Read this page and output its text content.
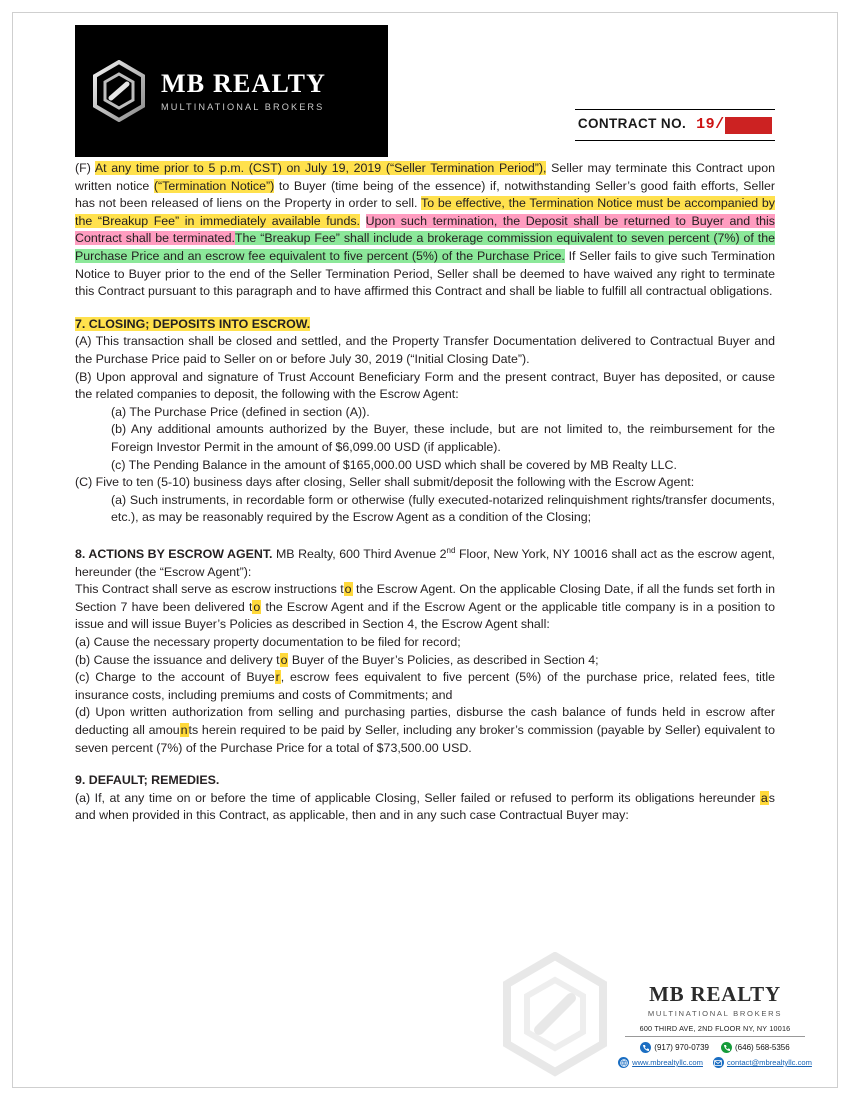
MB REALTY
MULTINATIONAL BROKERS
CONTRACT NO. 19/

(F) At any time prior to 5 p.m. (CST) on July 19, 2019 (“Seller Termination Period”), Seller may terminate this Contract upon written notice (“Termination Notice”) to Buyer (time being of the essence) if, notwithstanding Seller’s good faith efforts, Seller has not been released of liens on the Property in order to sell. To be effective, the Termination Notice must be accompanied by the “Breakup Fee” in immediately available funds. Upon such termination, the Deposit shall be returned to Buyer and this Contract shall be terminated.The “Breakup Fee” shall include a brokerage commission equivalent to seven percent (7%) of the Purchase Price and an escrow fee equivalent to five percent (5%) of the Purchase Price. If Seller fails to give such Termination Notice to Buyer prior to the end of the Seller Termination Period, Seller shall be deemed to have waived any right to terminate this Contract pursuant to this paragraph and to have affirmed this Contract and shall be liable to fulfill all contractual obligations.

7. CLOSING; DEPOSITS INTO ESCROW.

(A) This transaction shall be closed and settled, and the Property Transfer Documentation delivered to Contractual Buyer and the Purchase Price paid to Seller on or before July 30, 2019 (“Initial Closing Date”).

(B) Upon approval and signature of Trust Account Beneficiary Form and the present contract, Buyer has deposited, or cause the related companies to deposit, the following with the Escrow Agent:

(a) The Purchase Price (defined in section (A)).

(b) Any additional amounts authorized by the Buyer, these include, but are not limited to, the reimbursement for the Foreign Investor Permit in the amount of $6,099.00 USD (if applicable).

(c) The Pending Balance in the amount of $165,000.00 USD which shall be covered by MB Realty LLC.

(C) Five to ten (5-10) business days after closing, Seller shall submit/deposit the following with the Escrow Agent:

(a) Such instruments, in recordable form or otherwise (fully executed-notarized relinquishment rights/transfer documents, etc.), as may be reasonably required by the Escrow Agent as a condition of the Closing;

8. ACTIONS BY ESCROW AGENT. MB Realty, 600 Third Avenue 2nd Floor, New York, NY 10016 shall act as the escrow agent, hereunder (the “Escrow Agent”):

This Contract shall serve as escrow instructions to the Escrow Agent. On the applicable Closing Date, if all the funds set forth in Section 7 have been delivered to the Escrow Agent and if the Escrow Agent or the applicable title company is in a position to issue and will issue Buyer’s Policies as described in Section 4, the Escrow Agent shall:

(a) Cause the necessary property documentation to be filed for record;

(b) Cause the issuance and delivery to Buyer of the Buyer’s Policies, as described in Section 4;

(c) Charge to the account of Buyer, escrow fees equivalent to five percent (5%) of the purchase price, related fees, title insurance costs, including premiums and costs of Commitments; and

(d) Upon written authorization from selling and purchasing parties, disburse the cash balance of funds held in escrow after deducting all amounts herein required to be paid by Seller, including any broker’s commission (payable by Seller) equivalent to seven percent (7%) of the Purchase Price for a total of $73,500.00 USD.

9. DEFAULT; REMEDIES.

(a) If, at any time on or before the time of applicable Closing, Seller failed or refused to perform its obligations hereunder as and when provided in this Contract, as applicable, then and in any such case Contractual Buyer may:

MB REALTY
MULTINATIONAL BROKERS
600 THIRD AVE, 2ND FLOOR NY, NY 10016
(917) 970-0739	(646) 568-5356
www.mbrealtyllc.com	contact@mbrealtyllc.com
